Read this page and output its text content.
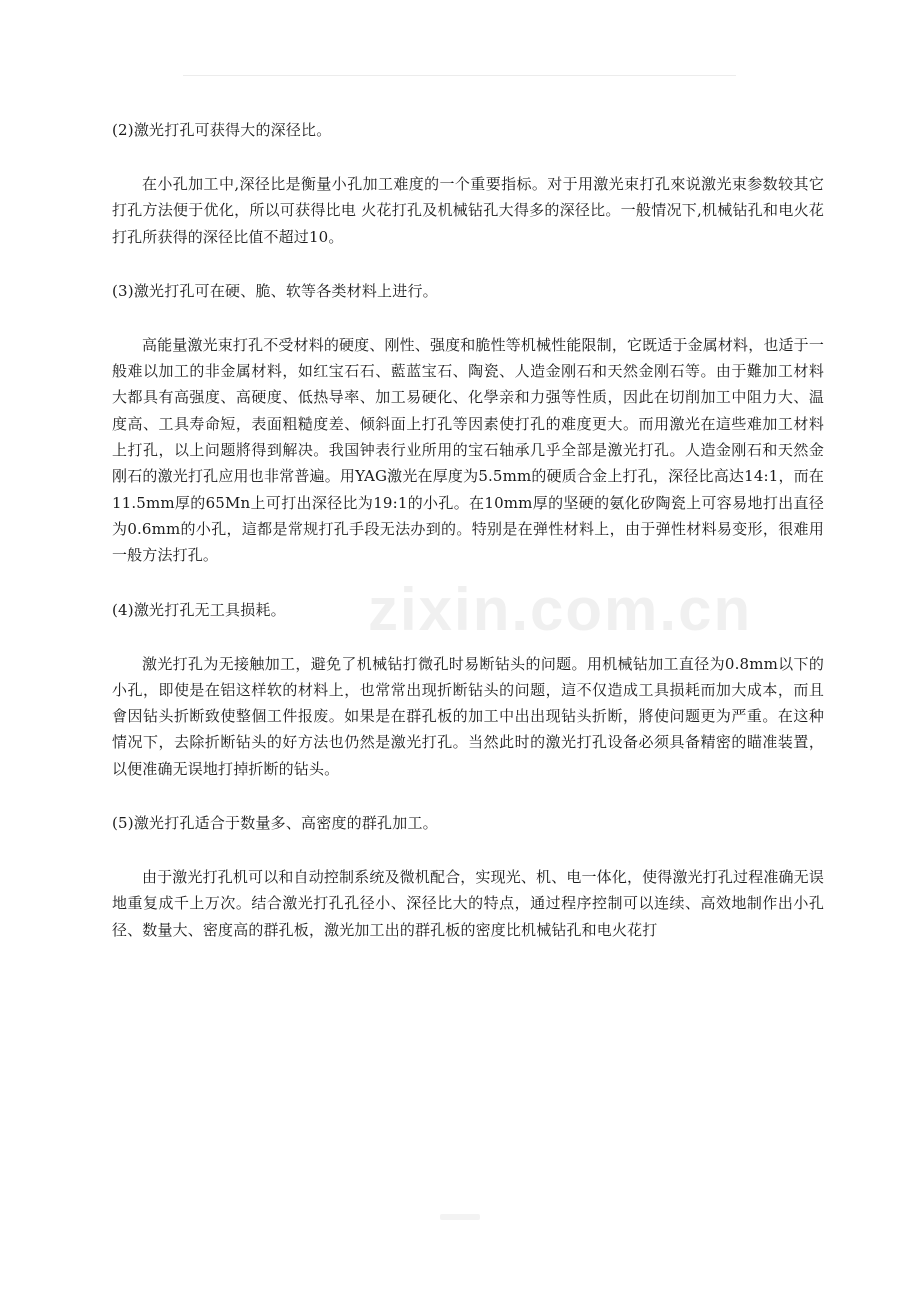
zixin.com.cn

(2)激光打孔可获得大的深径比。

在小孔加工中,深径比是衡量小孔加工难度的一个重要指标。对于用激光束打孔來说激光束参数较其它打孔方法便于优化，所以可获得比电 火花打孔及机械钻孔大得多的深径比。一般情况下,机械钻孔和电火花打孔所获得的深径比值不超过10。

(3)激光打孔可在硬、脆、软等各类材料上进行。

高能量激光束打孔不受材料的硬度、刚性、强度和脆性等机械性能限制，它既适于金属材料，也适于一般难以加工的非金属材料，如红宝石石、藍蓝宝石、陶瓷、人造金刚石和天然金刚石等。由于難加工材料大都具有高强度、高硬度、低热导率、加工易硬化、化學亲和力强等性质，因此在切削加工中阻力大、温度高、工具寿命短，表面粗糙度差、倾斜面上打孔等因素使打孔的难度更大。而用激光在這些难加工材料上打孔，以上问题將得到解决。我国钟表行业所用的宝石轴承几乎全部是激光打孔。人造金刚石和天然金刚石的激光打孔应用也非常普遍。用YAG激光在厚度为5.5mm的硬质合金上打孔，深径比高达14:1，而在11.5mm厚的65Mn上可打出深径比为19:1的小孔。在10mm厚的坚硬的氨化矽陶瓷上可容易地打出直径为0.6mm的小孔，這都是常规打孔手段无法办到的。特别是在弹性材料上，由于弹性材料易变形，很难用一般方法打孔。

(4)激光打孔无工具损耗。

激光打孔为无接触加工，避免了机械钻打微孔时易断钻头的问题。用机械钻加工直径为0.8mm以下的小孔，即使是在铝这样软的材料上，也常常出现折断钻头的问题，這不仅造成工具损耗而加大成本，而且會因钻头折断致使整個工件报废。如果是在群孔板的加工中出出现钻头折断，將使问题更为严重。在这种情况下，去除折断钻头的好方法也仍然是激光打孔。当然此时的激光打孔设备必须具备精密的瞄准装置，以便准确无误地打掉折断的钻头。

(5)激光打孔适合于数量多、高密度的群孔加工。

由于激光打孔机可以和自动控制系统及微机配合，实现光、机、电一体化，使得激光打孔过程准确无误地重复成千上万次。结合激光打孔孔径小、深径比大的特点，通过程序控制可以连续、高效地制作出小孔径、数量大、密度高的群孔板，激光加工出的群孔板的密度比机械钻孔和电火花打
